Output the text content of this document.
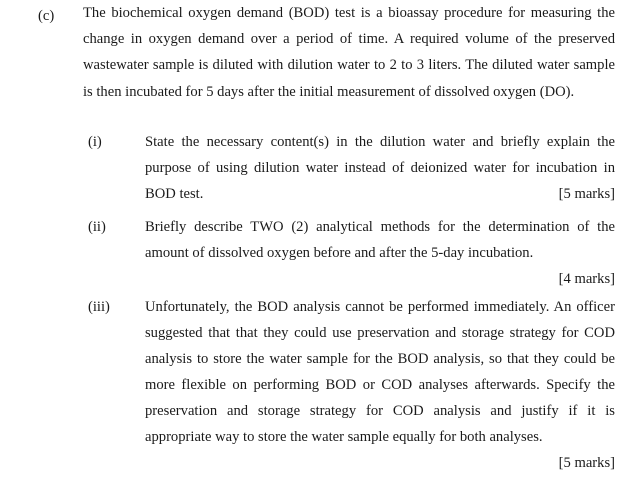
(c) The biochemical oxygen demand (BOD) test is a bioassay procedure for measuring the change in oxygen demand over a period of time. A required volume of the preserved wastewater sample is diluted with dilution water to 2 to 3 liters. The diluted water sample is then incubated for 5 days after the initial measurement of dissolved oxygen (DO).
(i)	State the necessary content(s) in the dilution water and briefly explain the purpose of using dilution water instead of deionized water for incubation in BOD test.	[5 marks]
(ii)	Briefly describe TWO (2) analytical methods for the determination of the amount of dissolved oxygen before and after the 5-day incubation.
[4 marks]
(iii) Unfortunately, the BOD analysis cannot be performed immediately. An officer suggested that that they could use preservation and storage strategy for COD analysis to store the water sample for the BOD analysis, so that they could be more flexible on performing BOD or COD analyses afterwards. Specify the preservation and storage strategy for COD analysis and justify if it is appropriate way to store the water sample equally for both analyses.
[5 marks]
